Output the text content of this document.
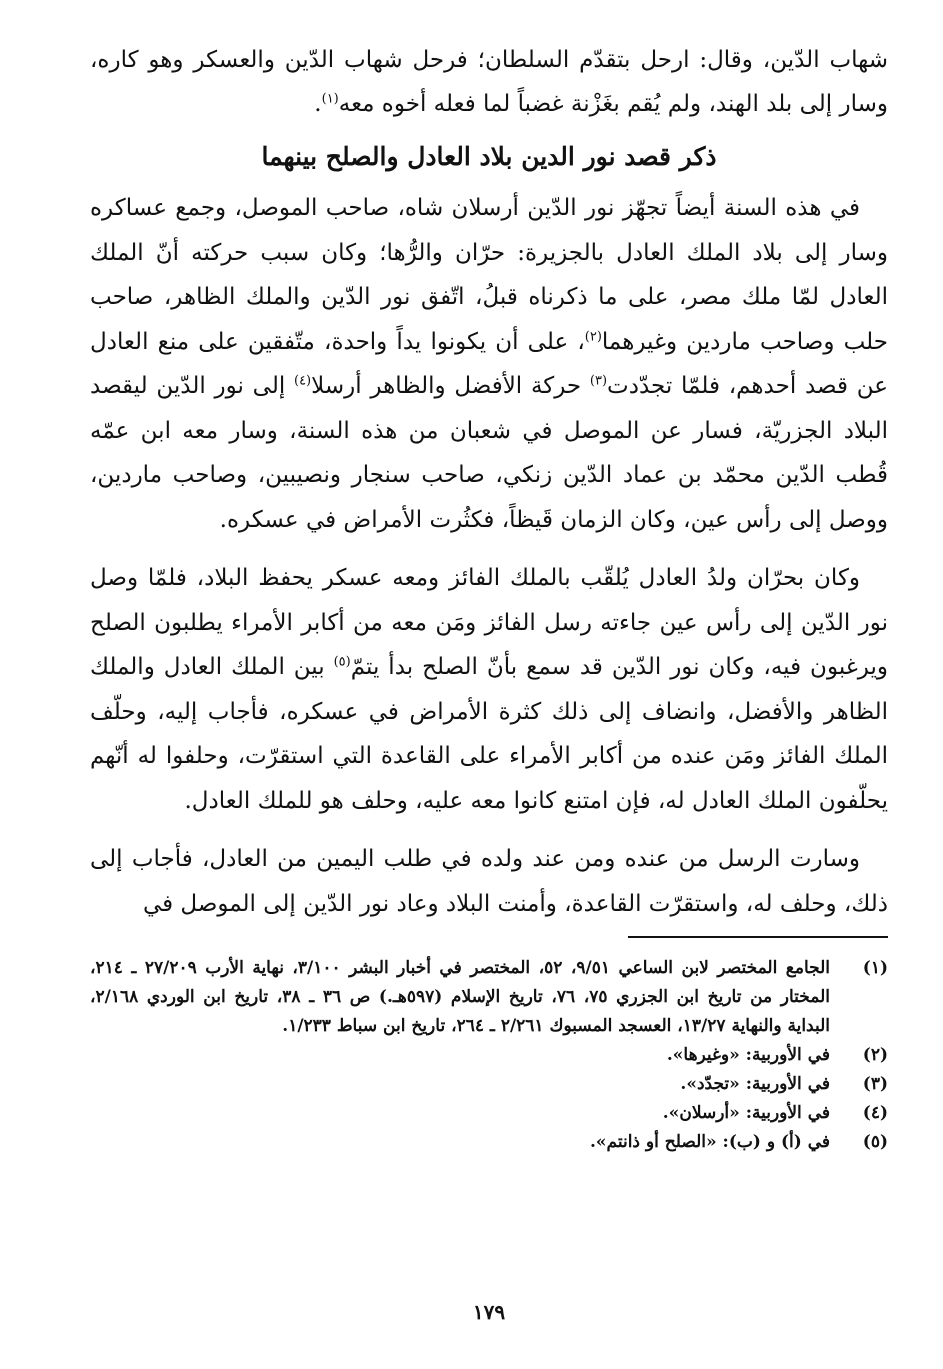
شهاب الدّين، وقال: ارحل بتقدّم السلطان؛ فرحل شهاب الدّين والعسكر وهو كاره، وسار إلى بلد الهند، ولم يُقم بغَزْنة غضباً لما فعله أخوه معه$^{(١)}$.

ذكر قصد نور الدين بلاد العادل والصلح بينهما

في هذه السنة أيضاً تجهّز نور الدّين أرسلان شاه، صاحب الموصل، وجمع عساكره وسار إلى بلاد الملك العادل بالجزيرة: حرّان والرُّها؛ وكان سبب حركته أنّ الملك العادل لمّا ملك مصر، على ما ذكرناه قبلُ، اتّفق نور الدّين والملك الظاهر، صاحب حلب وصاحب ماردين وغيرهما$^{(٢)}$، على أن يكونوا يداً واحدة، متّفقين على منع العادل عن قصد أحدهم، فلمّا تجدّدت$^{(٣)}$ حركة الأفضل والظاهر أرسلا$^{(٤)}$ إلى نور الدّين ليقصد البلاد الجزريّة، فسار عن الموصل في شعبان من هذه السنة، وسار معه ابن عمّه قُطب الدّين محمّد بن عماد الدّين زنكي، صاحب سنجار ونصيبين، وصاحب ماردين، ووصل إلى رأس عين، وكان الزمان قَيظاً، فكثُرت الأمراض في عسكره.

وكان بحرّان ولدُ العادل يُلقّب بالملك الفائز ومعه عسكر يحفظ البلاد، فلمّا وصل نور الدّين إلى رأس عين جاءته رسل الفائز ومَن معه من أكابر الأمراء يطلبون الصلح ويرغبون فيه، وكان نور الدّين قد سمع بأنّ الصلح بدأ يتمّ$^{(٥)}$ بين الملك العادل والملك الظاهر والأفضل، وانضاف إلى ذلك كثرة الأمراض في عسكره، فأجاب إليه، وحلّف الملك الفائز ومَن عنده من أكابر الأمراء على القاعدة التي استقرّت، وحلفوا له أنّهم يحلّفون الملك العادل له، فإن امتنع كانوا معه عليه، وحلف هو للملك العادل.

وسارت الرسل من عنده ومن عند ولده في طلب اليمين من العادل، فأجاب إلى ذلك، وحلف له، واستقرّت القاعدة، وأمنت البلاد وعاد نور الدّين إلى الموصل في

(١)
الجامع المختصر لابن الساعي ٩/٥١، ٥٢، المختصر في أخبار البشر ٣/١٠٠، نهاية الأرب ٢٧/٢٠٩ ـ ٢١٤، المختار من تاريخ ابن الجزري ٧٥، ٧٦، تاريخ الإسلام (٥٩٧هـ.) ص ٣٦ ـ ٣٨، تاريخ ابن الوردي ٢/١٦٨، البداية والنهاية ١٣/٢٧، العسجد المسبوك ٢/٢٦١ ـ ٢٦٤، تاريخ ابن سباط ١/٢٣٣.
(٢)
في الأوربية: «وغيرها».
(٣)
في الأوربية: «تجدّد».
(٤)
في الأوربية: «أرسلان».
(٥)
في (أ) و (ب): «الصلح أو ذانتم».
١٧٩
